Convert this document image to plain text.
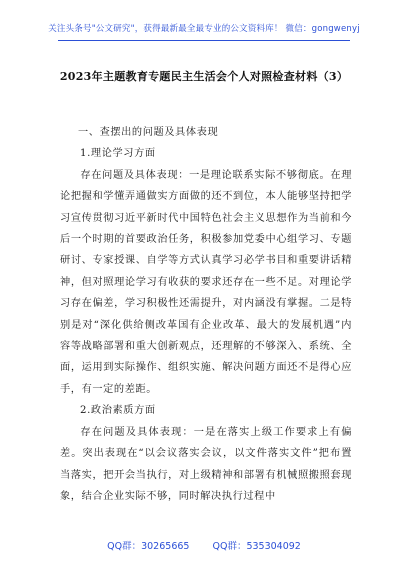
关注头条号"公文研究"，获得最新最全最专业的公文资料库！ 微信：gongwenyj
2023年主题教育专题民主生活会个人对照检查材料（3）
一、查摆出的问题及具体表现
1.理论学习方面

存在问题及具体表现：一是理论联系实际不够彻底。在理论把握和学懂弄通做实方面做的还不到位，本人能够坚持把学习宣传贯彻习近平新时代中国特色社会主义思想作为当前和今后一个时期的首要政治任务，积极参加党委中心组学习、专题研讨、专家授课、自学等方式认真学习必学书目和重要讲话精神，但对照理论学习有收获的要求还存在一些不足。对理论学习存在偏差，学习积极性还需提升，对内涵没有掌握。二是特别是对“深化供给侧改革国有企业改革、最大的发展机遇”内容等战略部署和重大创新观点，还理解的不够深入、系统、全面，运用到实际操作、组织实施、解决问题方面还不是得心应手，有一定的差距。

2.政治素质方面

存在问题及具体表现：一是在落实上级工作要求上有偏差。突出表现在“以会议落实会议，以文件落实文件”把布置当落实，把开会当执行，对上级精神和部署有机械照搬照套现象，结合企业实际不够，同时解决执行过程中

QQ群：30265665 QQ群：535304092
